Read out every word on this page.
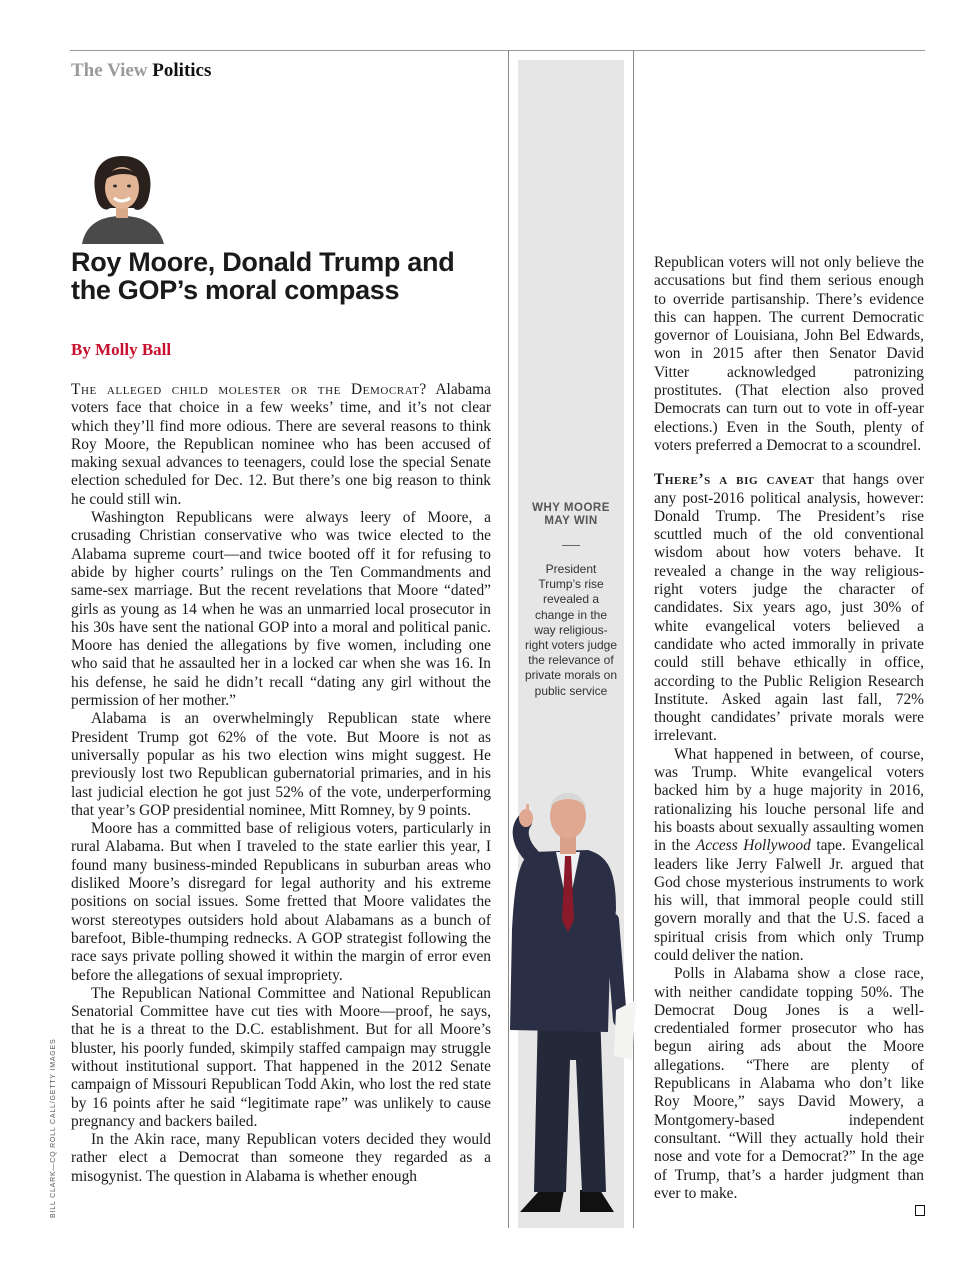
The View Politics
Roy Moore, Donald Trump and the GOP’s moral compass
By Molly Ball

The alleged child molester or the Democrat? Alabama voters face that choice in a few weeks’ time, and it’s not clear which they’ll find more odious. There are several reasons to think Roy Moore, the Republican nominee who has been accused of making sexual advances to teenagers, could lose the special Senate election scheduled for Dec. 12. But there’s one big reason to think he could still win.

Washington Republicans were always leery of Moore, a crusading Christian conservative who was twice elected to the Alabama supreme court—and twice booted off it for refusing to abide by higher courts’ rulings on the Ten Commandments and same-sex marriage. But the recent revelations that Moore “dated” girls as young as 14 when he was an unmarried local prosecutor in his 30s have sent the national GOP into a moral and political panic. Moore has denied the allegations by five women, including one who said that he assaulted her in a locked car when she was 16. In his defense, he said he didn’t recall “dating any girl without the permission of her mother.”

Alabama is an overwhelmingly Republican state where President Trump got 62% of the vote. But Moore is not as universally popular as his two election wins might suggest. He previously lost two Republican gubernatorial primaries, and in his last judicial election he got just 52% of the vote, underperforming that year’s GOP presidential nominee, Mitt Romney, by 9 points.

Moore has a committed base of religious voters, particularly in rural Alabama. But when I traveled to the state earlier this year, I found many business-minded Republicans in suburban areas who disliked Moore’s disregard for legal authority and his extreme positions on social issues. Some fretted that Moore validates the worst stereotypes outsiders hold about Alabamans as a bunch of barefoot, Bible-thumping rednecks. A GOP strategist following the race says private polling showed it within the margin of error even before the allegations of sexual impropriety.

The Republican National Committee and National Republican Senatorial Committee have cut ties with Moore—proof, he says, that he is a threat to the D.C. establishment. But for all Moore’s bluster, his poorly funded, skimpily staffed campaign may struggle without institutional support. That happened in the 2012 Senate campaign of Missouri Republican Todd Akin, who lost the red state by 16 points after he said “legitimate rape” was unlikely to cause pregnancy and backers bailed.

In the Akin race, many Republican voters decided they would rather elect a Democrat than someone they regarded as a misogynist. The question in Alabama is whether enough

WHY MOORE MAY WIN
President Trump’s rise revealed a change in the way religious-right voters judge the relevance of private morals on public service

Republican voters will not only believe the accusations but find them serious enough to override partisanship. There’s evidence this can happen. The current Democratic governor of Louisiana, John Bel Edwards, won in 2015 after then Senator David Vitter acknowledged patronizing prostitutes. (That election also proved Democrats can turn out to vote in off-year elections.) Even in the South, plenty of voters preferred a Democrat to a scoundrel.

There’s a big caveat that hangs over any post-2016 political analysis, however: Donald Trump. The President’s rise scuttled much of the old conventional wisdom about how voters behave. It revealed a change in the way religious-right voters judge the character of candidates. Six years ago, just 30% of white evangelical voters believed a candidate who acted immorally in private could still behave ethically in office, according to the Public Religion Research Institute. Asked again last fall, 72% thought candidates’ private morals were irrelevant.

What happened in between, of course, was Trump. White evangelical voters backed him by a huge majority in 2016, rationalizing his louche personal life and his boasts about sexually assaulting women in the Access Hollywood tape. Evangelical leaders like Jerry Falwell Jr. argued that God chose mysterious instruments to work his will, that immoral people could still govern morally and that the U.S. faced a spiritual crisis from which only Trump could deliver the nation.

Polls in Alabama show a close race, with neither candidate topping 50%. The Democrat Doug Jones is a well-credentialed former prosecutor who has begun airing ads about the Moore allegations. “There are plenty of Republicans in Alabama who don’t like Roy Moore,” says David Mowery, a Montgomery-based independent consultant. “Will they actually hold their nose and vote for a Democrat?” In the age of Trump, that’s a harder judgment than ever to make.

BILL CLARK—CQ ROLL CALL/GETTY IMAGES
